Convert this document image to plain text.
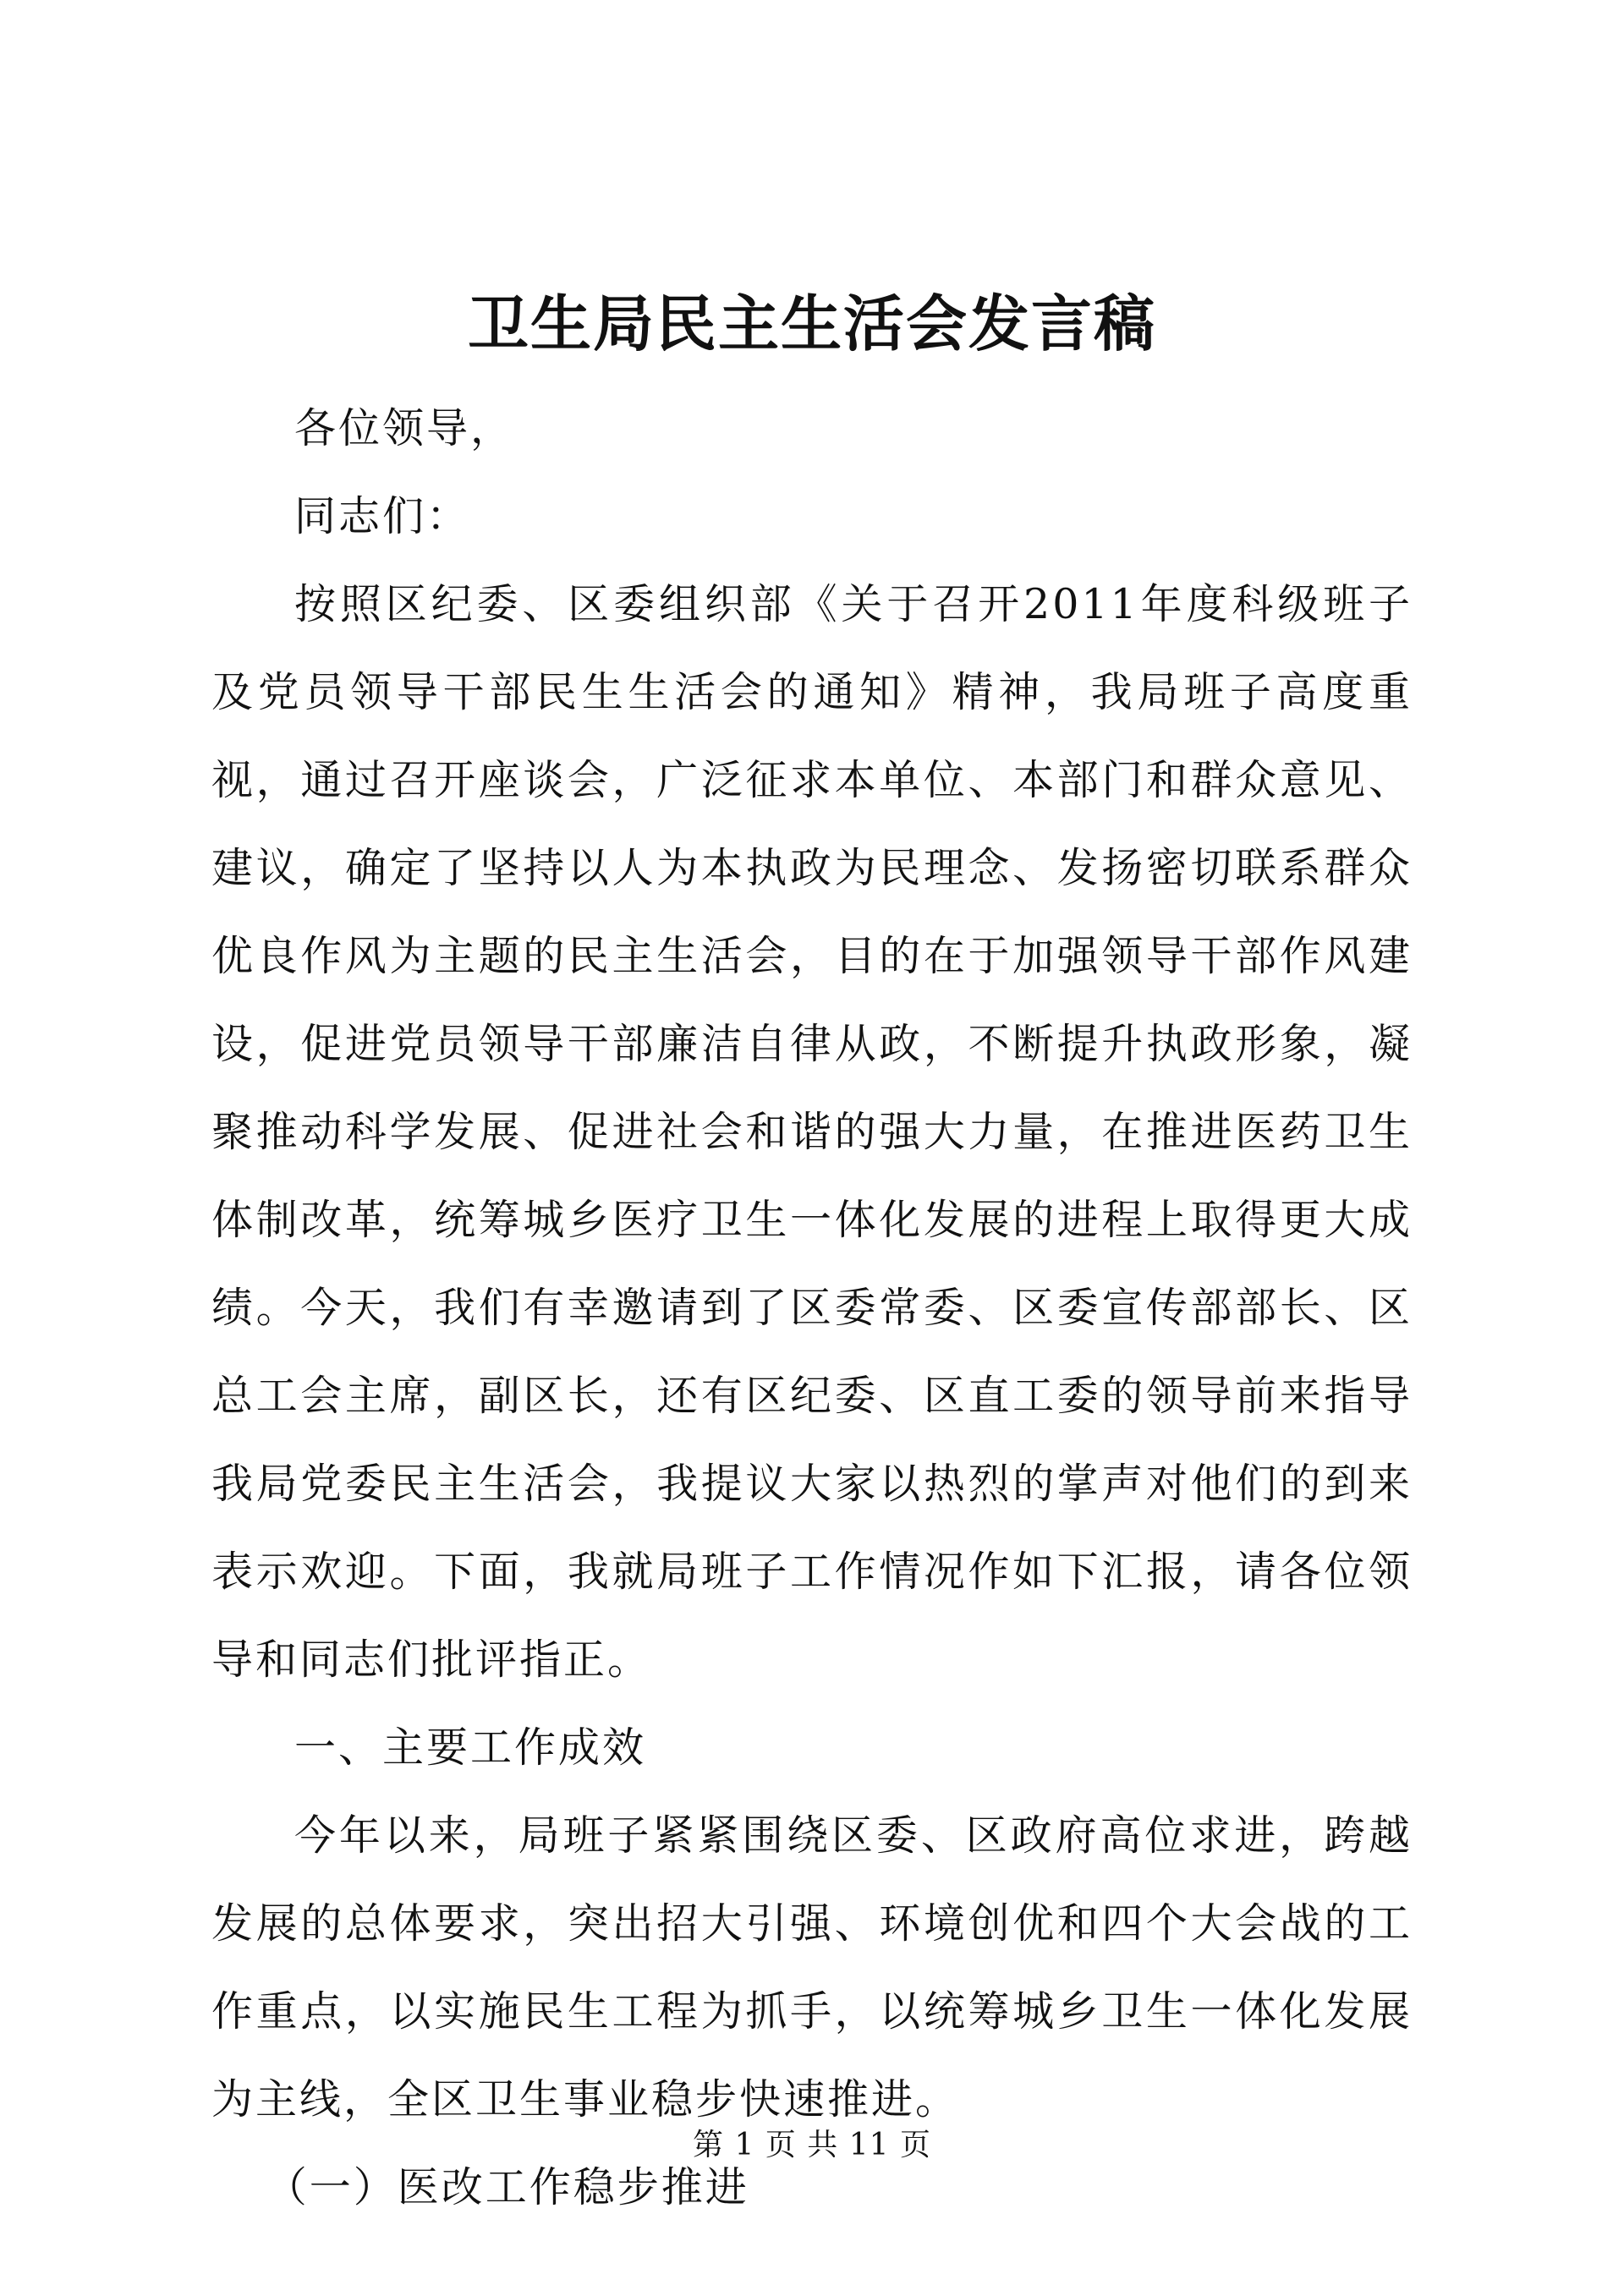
卫生局民主生活会发言稿

各位领导，

同志们：

按照区纪委、区委组织部《关于召开2011年度科级班子及党员领导干部民生生活会的通知》精神，我局班子高度重视，通过召开座谈会，广泛征求本单位、本部门和群众意见、建议，确定了坚持以人为本执政为民理念、发扬密切联系群众优良作风为主题的民主生活会，目的在于加强领导干部作风建设，促进党员领导干部廉洁自律从政，不断提升执政形象，凝聚推动科学发展、促进社会和谐的强大力量，在推进医药卫生体制改革，统筹城乡医疗卫生一体化发展的进程上取得更大成绩。今天，我们有幸邀请到了区委常委、区委宣传部部长、区总工会主席，副区长，还有区纪委、区直工委的领导前来指导我局党委民主生活会，我提议大家以热烈的掌声对他们的到来表示欢迎。下面，我就局班子工作情况作如下汇报，请各位领导和同志们批评指正。

一、主要工作成效

今年以来，局班子紧紧围绕区委、区政府高位求进，跨越发展的总体要求，突出招大引强、环境创优和四个大会战的工作重点，以实施民生工程为抓手，以统筹城乡卫生一体化发展为主线，全区卫生事业稳步快速推进。

（一）医改工作稳步推进

第 1 页 共 11 页
